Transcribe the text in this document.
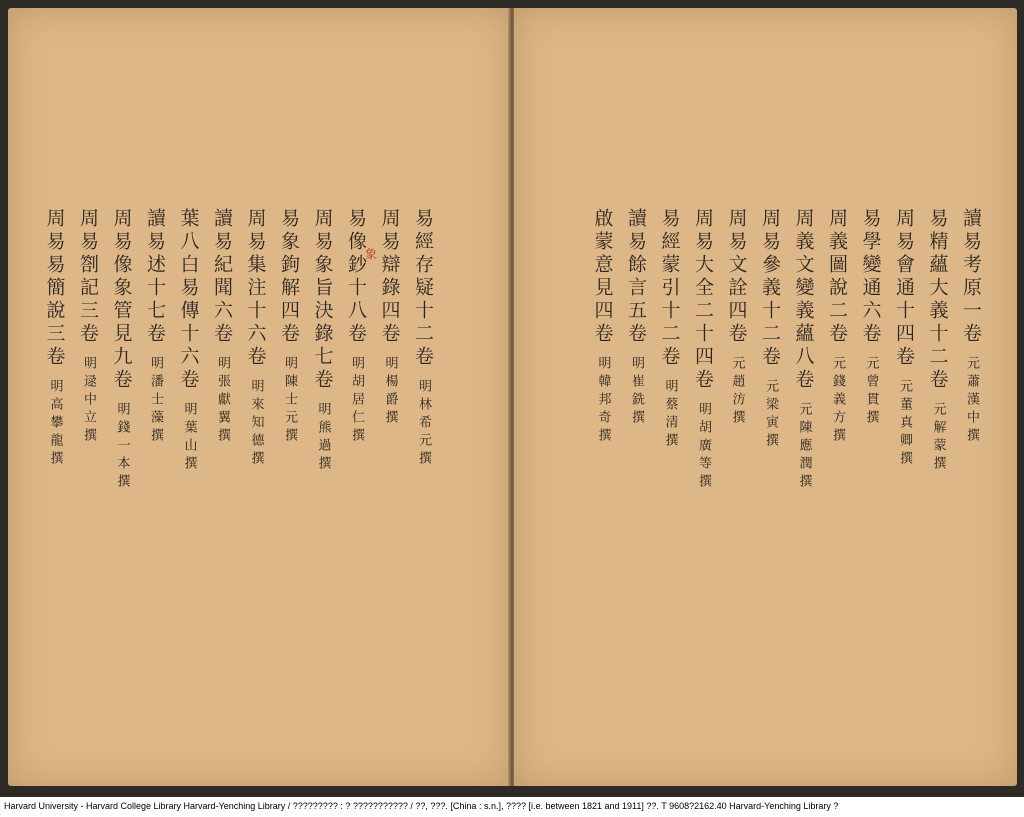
易經存疑十二卷明林希元撰
周易辯錄四卷明楊爵撰
易像鈔十八卷明胡居仁撰
周易象旨決錄七卷明熊過撰
易象鉤解四卷明陳士元撰
周易集注十六卷明來知德撰
讀易紀聞六卷明張獻翼撰
葉八白易傳十六卷明葉山撰
讀易述十七卷明潘士藻撰
周易像象管見九卷明錢一本撰
周易劄記三卷明逯中立撰
周易易簡說三卷明高攀龍撰
讀易考原一卷元蕭漢中撰
易精蘊大義十二卷元解蒙撰
周易會通十四卷元董真卿撰
易學變通六卷元曾貫撰
周義圖說二卷元錢義方撰
周義文變義蘊八卷元陳應潤撰
周易參義十二卷元梁寅撰
周易文詮四卷元趙汸撰
周易大全二十四卷明胡廣等撰
易經蒙引十二卷明蔡清撰
讀易餘言五卷明崔銑撰
啟蒙意見四卷明韓邦奇撰
象
Harvard University - Harvard College Library Harvard-Yenching Library / ????????? : ? ??????????? / ??, ???. [China : s.n.], ???? [i.e. between 1821 and 1911] ??. T 9608?2162.40 Harvard-Yenching Library ?
